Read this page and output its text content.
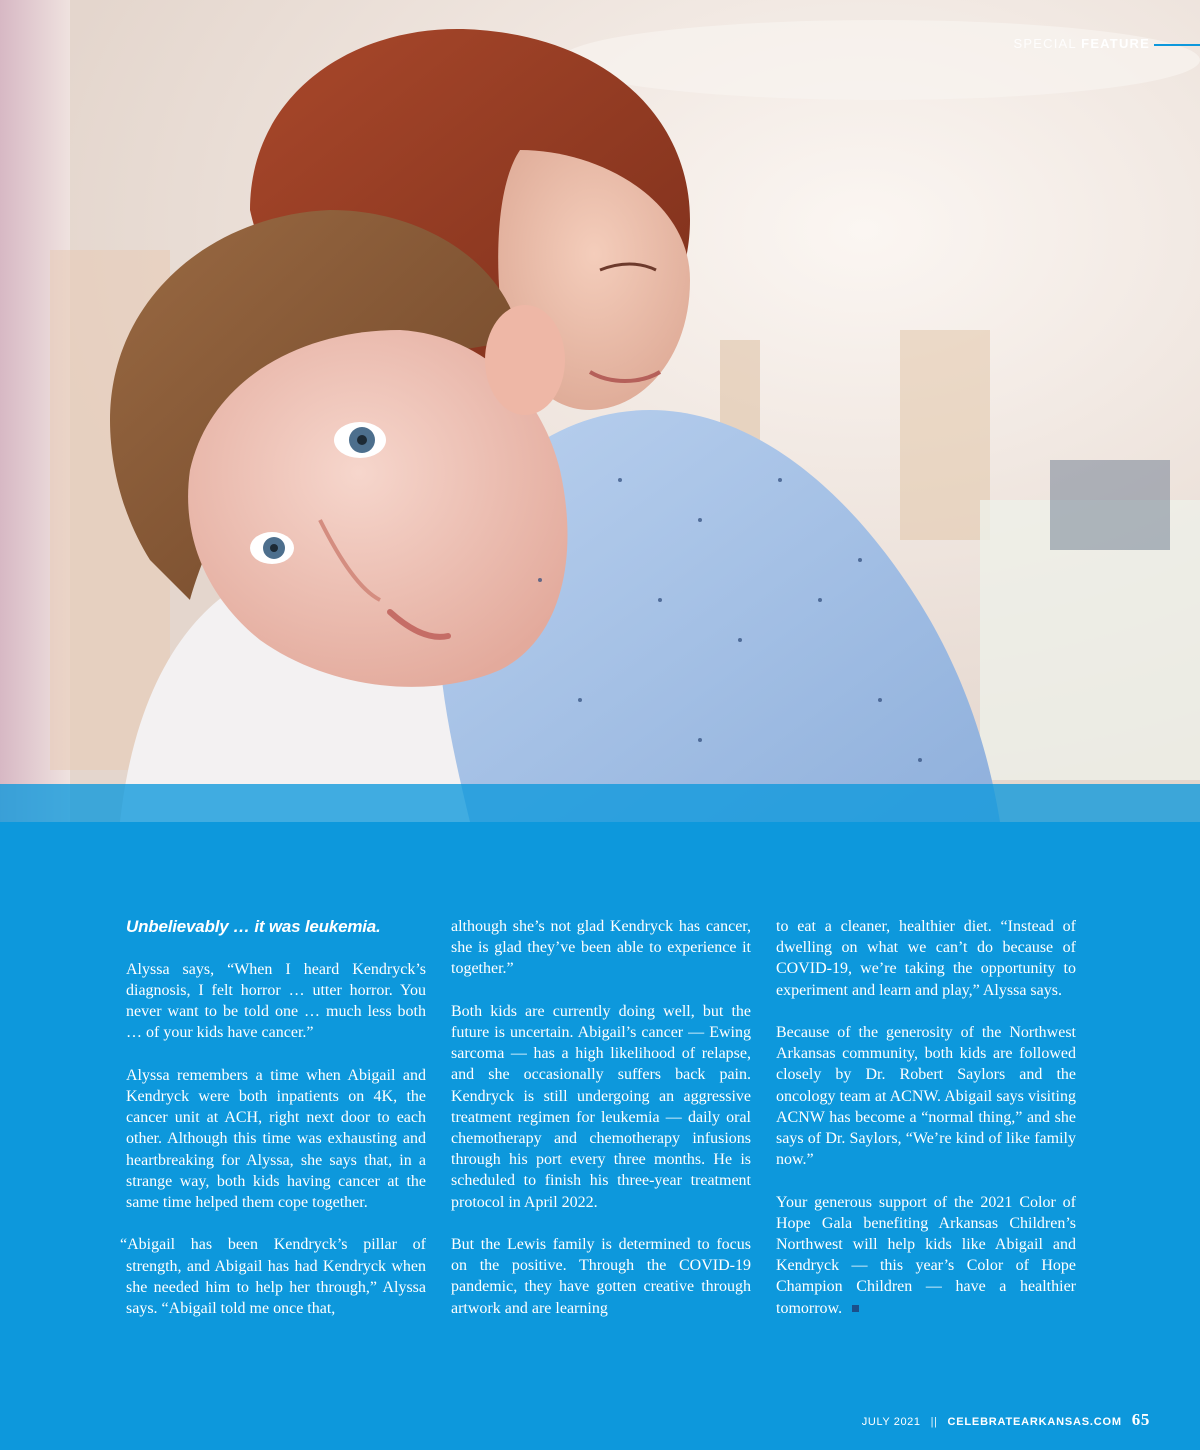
SPECIAL FEATURE
Unbelievably … it was leukemia.

Alyssa says, “When I heard Kendryck’s diagnosis, I felt horror … utter horror. You never want to be told one … much less both … of your kids have cancer.”

Alyssa remembers a time when Abigail and Kendryck were both inpatients on 4K, the cancer unit at ACH, right next door to each other. Although this time was exhausting and heartbreaking for Alyssa, she says that, in a strange way, both kids having cancer at the same time helped them cope together.

“Abigail has been Kendryck’s pillar of strength, and Abigail has had Kendryck when she needed him to help her through,” Alyssa says. “Abigail told me once that,

although she’s not glad Kendryck has cancer, she is glad they’ve been able to experience it together.”

Both kids are currently doing well, but the future is uncertain. Abigail’s cancer — Ewing sarcoma — has a high likelihood of relapse, and she occasionally suffers back pain. Kendryck is still undergoing an aggressive treatment regimen for leukemia — daily oral chemotherapy and chemotherapy infusions through his port every three months. He is scheduled to finish his three-year treatment protocol in April 2022.

But the Lewis family is determined to focus on the positive. Through the COVID-19 pandemic, they have gotten creative through artwork and are learning

to eat a cleaner, healthier diet. “Instead of dwelling on what we can’t do because of COVID-19, we’re taking the opportunity to experiment and learn and play,” Alyssa says.

Because of the generosity of the Northwest Arkansas community, both kids are followed closely by Dr. Robert Saylors and the oncology team at ACNW. Abigail says visiting ACNW has become a “normal thing,” and she says of Dr. Saylors, “We’re kind of like family now.”

Your generous support of the 2021 Color of Hope Gala benefiting Arkansas Children’s Northwest will help kids like Abigail and Kendryck — this year’s Color of Hope Champion Children — have a healthier tomorrow.

JULY 2021 || CELEBRATEARKANSAS.COM 65
